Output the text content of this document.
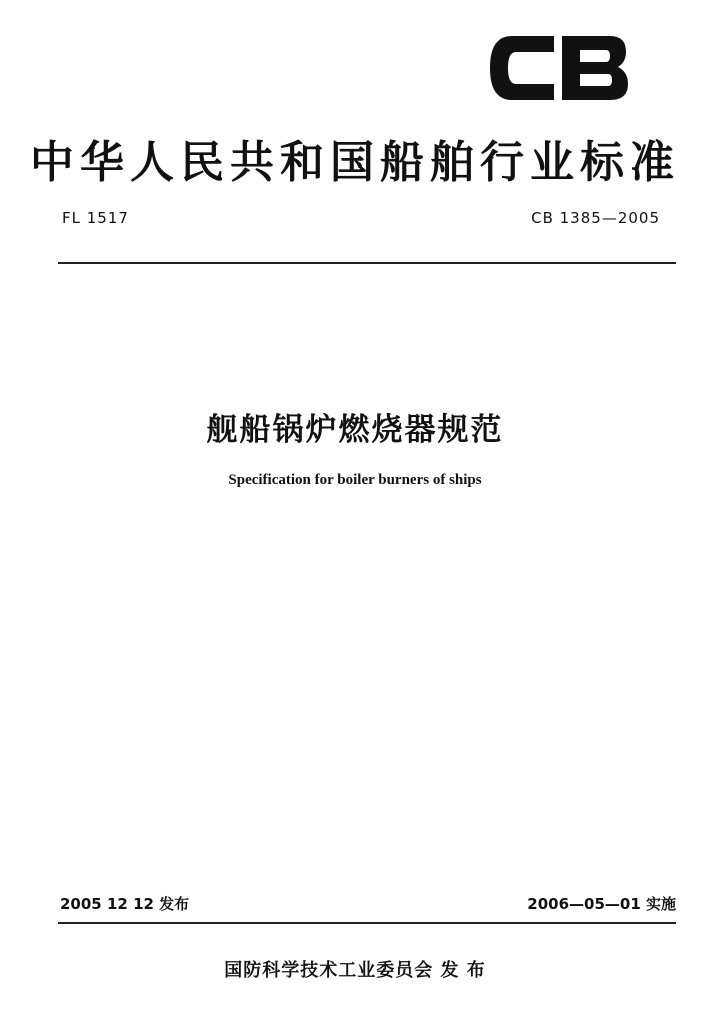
中华人民共和国船舶行业标准
FL 1517	CB 1385—2005
舰船锅炉燃烧器规范
Specification for boiler burners of ships
2005 12 12 发布	2006—05—01 实施
国防科学技术工业委员会 发 布
